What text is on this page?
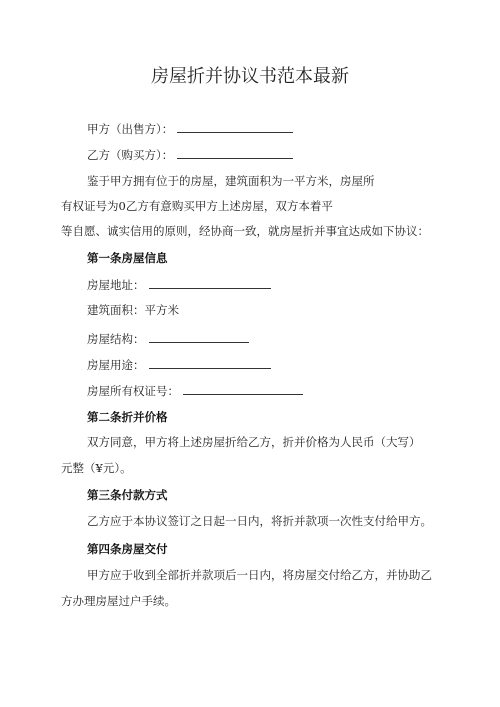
房屋折并协议书范本最新
甲方（出售方）：
乙方（购买方）：
鉴于甲方拥有位于的房屋，建筑面积为一平方米，房屋所
有权证号为0乙方有意购买甲方上述房屋，双方本着平
等自愿、诚实信用的原则，经协商一致，就房屋折并事宜达成如下协议：
第一条房屋信息
房屋地址：
建筑面积：平方米
房屋结构：
房屋用途：
房屋所有权证号：
第二条折并价格
双方同意，甲方将上述房屋折给乙方，折并价格为人民币（大写）
元整（¥元）。
第三条付款方式
乙方应于本协议签订之日起一日内，将折并款项一次性支付给甲方。
第四条房屋交付
甲方应于收到全部折并款项后一日内，将房屋交付给乙方，并协助乙
方办理房屋过户手续。
